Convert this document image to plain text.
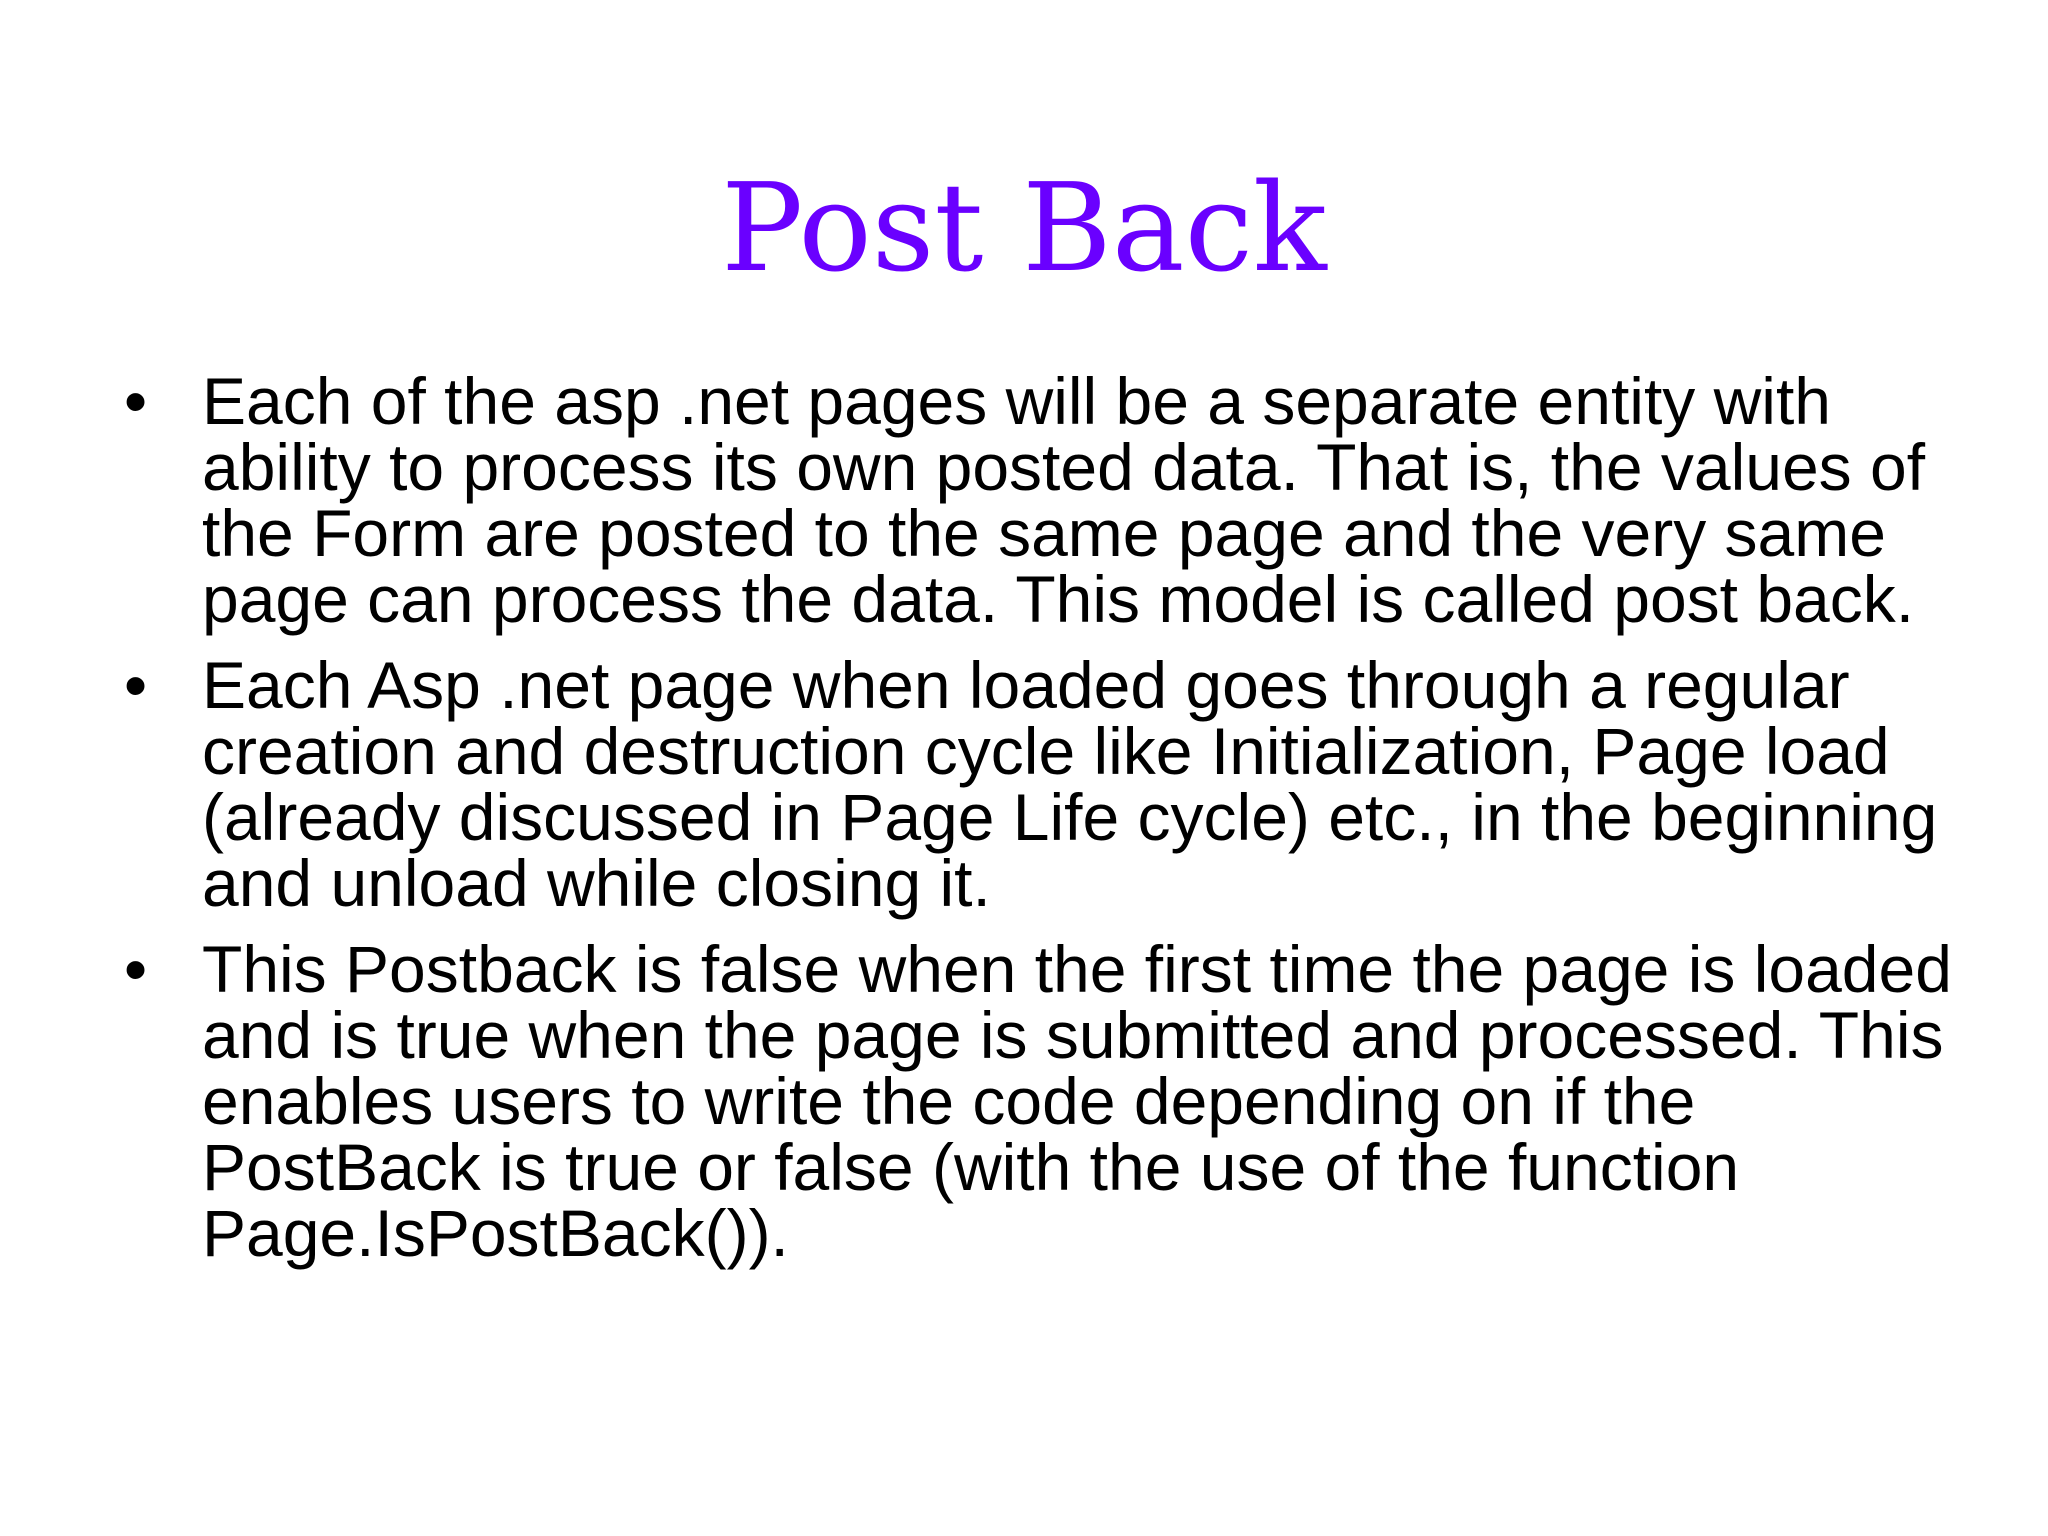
Post Back
• Each of the asp .net pages will be a separate entity with ability to process its own posted data. That is, the values of the Form are posted to the same page and the very same page can process the data. This model is called post back.
• Each Asp .net page when loaded goes through a regular creation and destruction cycle like Initialization, Page load (already discussed in Page Life cycle) etc., in the beginning and unload while closing it.
• This Postback is false when the first time the page is loaded and is true when the page is submitted and processed. This enables users to write the code depending on if the PostBack is true or false (with the use of the function Page.IsPostBack()).
